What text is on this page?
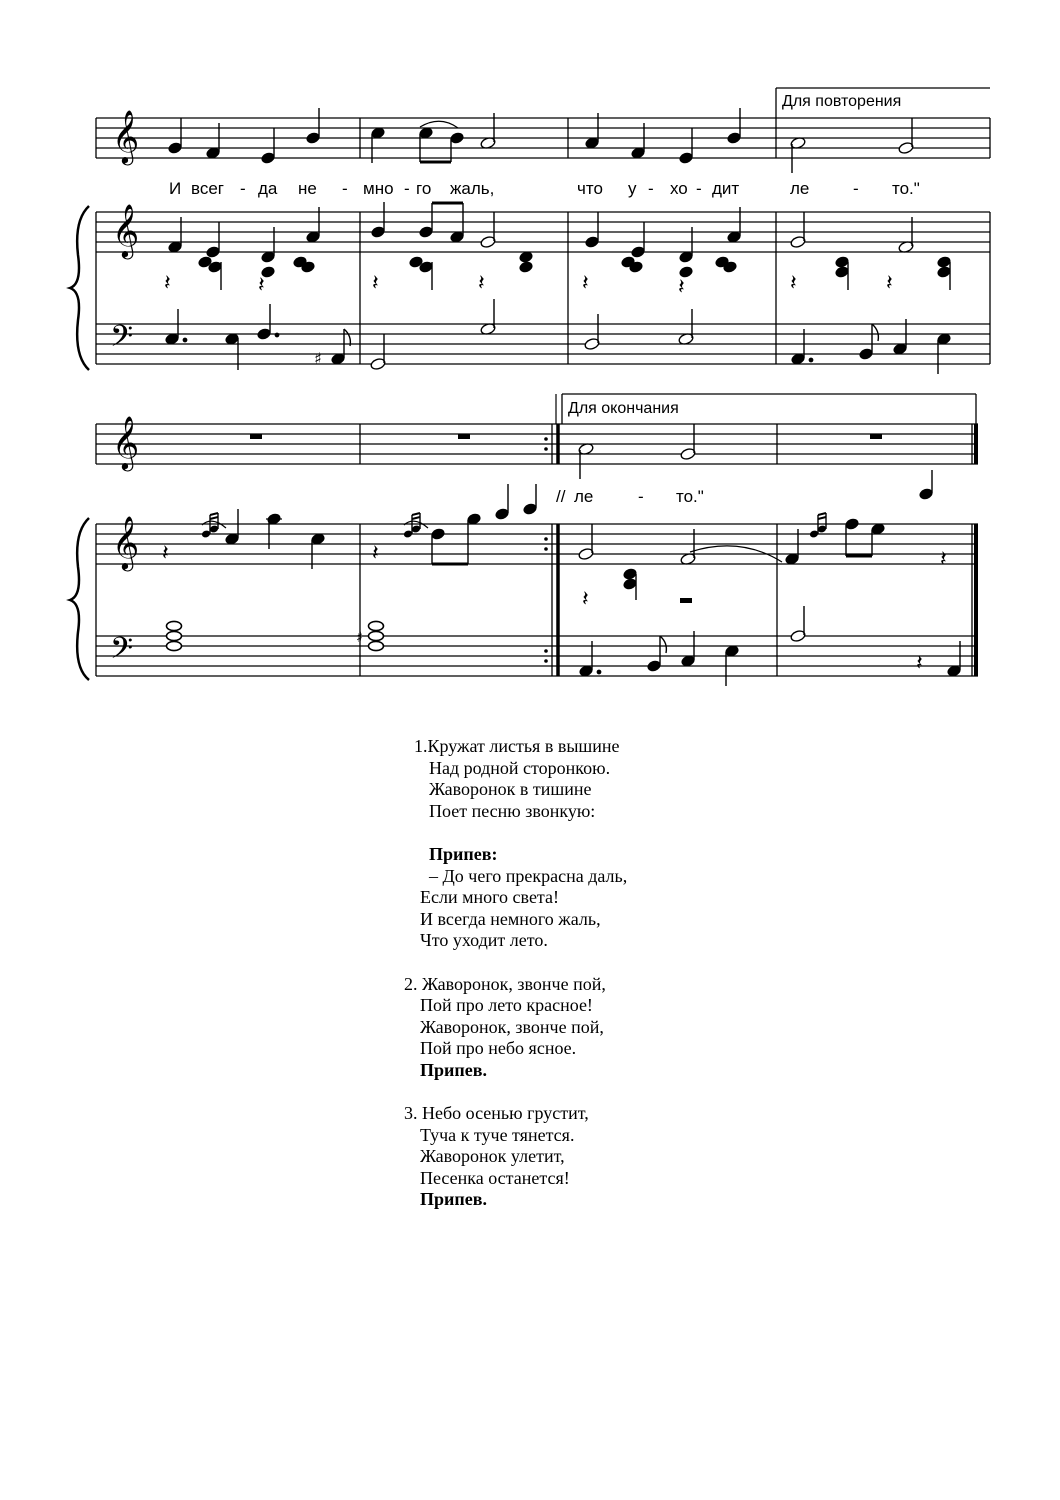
𝄞
Для повторения
И всег - да не - мно - го жаль,	что у - хо - дит	ле	- то."
𝄞
𝄽	𝄽	𝄽	𝄽	𝄽	𝄽	𝄽	𝄽
𝄢	♯
𝄞
Для окончания
// ле	- то."
𝄞 𝄽	𝄽
𝄽
𝄽
𝄢	♯
𝄽
1.Кружат листья в вышине
Над родной сторонкою.
Жаворонок в тишине
Поет песню звонкую:
Припев:
– До чего прекрасна даль,
Если много света!
И всегда немного жаль,
Что уходит лето.
2. Жаворонок, звонче пой,
Пой про лето красное!
Жаворонок, звонче пой,
Пой про небо ясное.
Припев.
3. Небо осенью грустит,
Туча к туче тянется.
Жаворонок улетит,
Песенка останется!
Припев.
